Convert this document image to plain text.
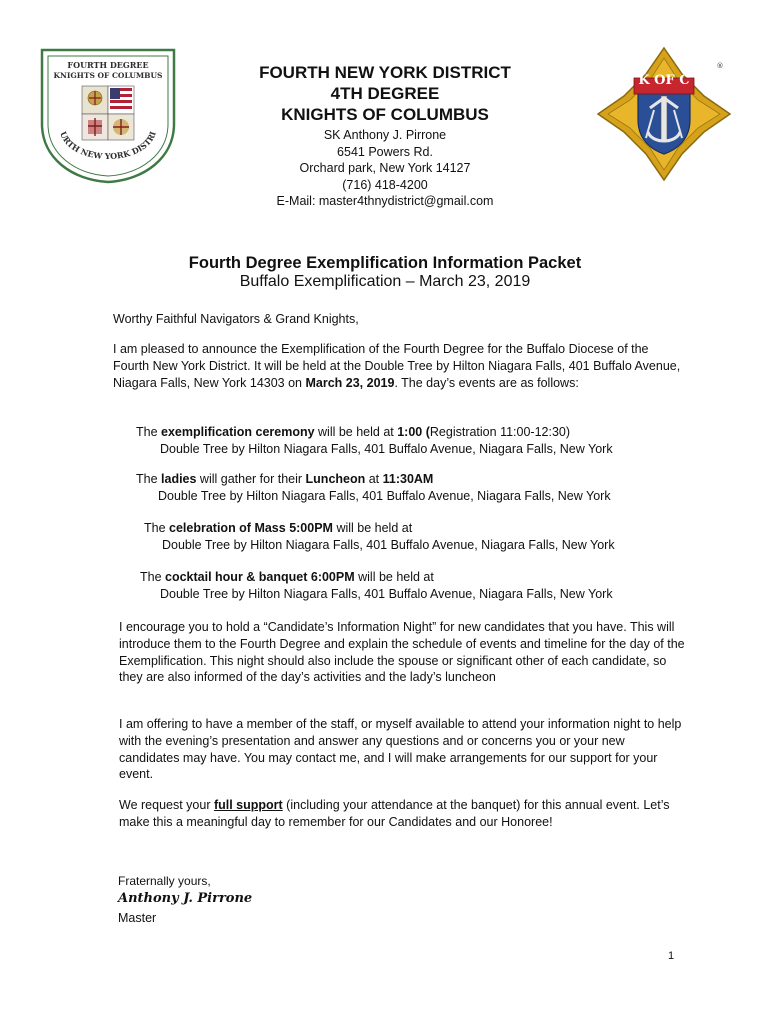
FOURTH DEGREE
KNIGHTS OF COLUMBUS
URTH NEW YORK DISTRI
K OF C
®
FOURTH NEW YORK DISTRICT
4TH DEGREE
KNIGHTS OF COLUMBUS
SK Anthony J. Pirrone
6541 Powers Rd.
Orchard park, New York 14127
(716) 418-4200
E-Mail: master4thnydistrict@gmail.com
Fourth Degree Exemplification Information Packet
Buffalo Exemplification – March 23, 2019
Worthy Faithful Navigators & Grand Knights,
I am pleased to announce the Exemplification of the Fourth Degree for the Buffalo Diocese of the Fourth New York District. It will be held at the Double Tree by Hilton Niagara Falls, 401 Buffalo Avenue, Niagara Falls, New York 14303 on March 23, 2019. The day’s events are as follows:
The exemplification ceremony will be held at 1:00 (Registration 11:00-12:30)
Double Tree by Hilton Niagara Falls, 401 Buffalo Avenue, Niagara Falls, New York
The ladies will gather for their Luncheon at 11:30AM
Double Tree by Hilton Niagara Falls, 401 Buffalo Avenue, Niagara Falls, New York
The celebration of Mass 5:00PM will be held at
Double Tree by Hilton Niagara Falls, 401 Buffalo Avenue, Niagara Falls, New York
The cocktail hour & banquet 6:00PM will be held at
Double Tree by Hilton Niagara Falls, 401 Buffalo Avenue, Niagara Falls, New York
I encourage you to hold a “Candidate’s Information Night” for new candidates that you have. This will introduce them to the Fourth Degree and explain the schedule of events and timeline for the day of the Exemplification. This night should also include the spouse or significant other of each candidate, so they are also informed of the day’s activities and the lady’s luncheon
I am offering to have a member of the staff, or myself available to attend your information night to help with the evening’s presentation and answer any questions and or concerns you or your new candidates may have. You may contact me, and I will make arrangements for our support for your event.
We request your full support (including your attendance at the banquet) for this annual event. Let’s make this a meaningful day to remember for our Candidates and our Honoree!
Fraternally yours,
Anthony J. Pirrone
Master
1
